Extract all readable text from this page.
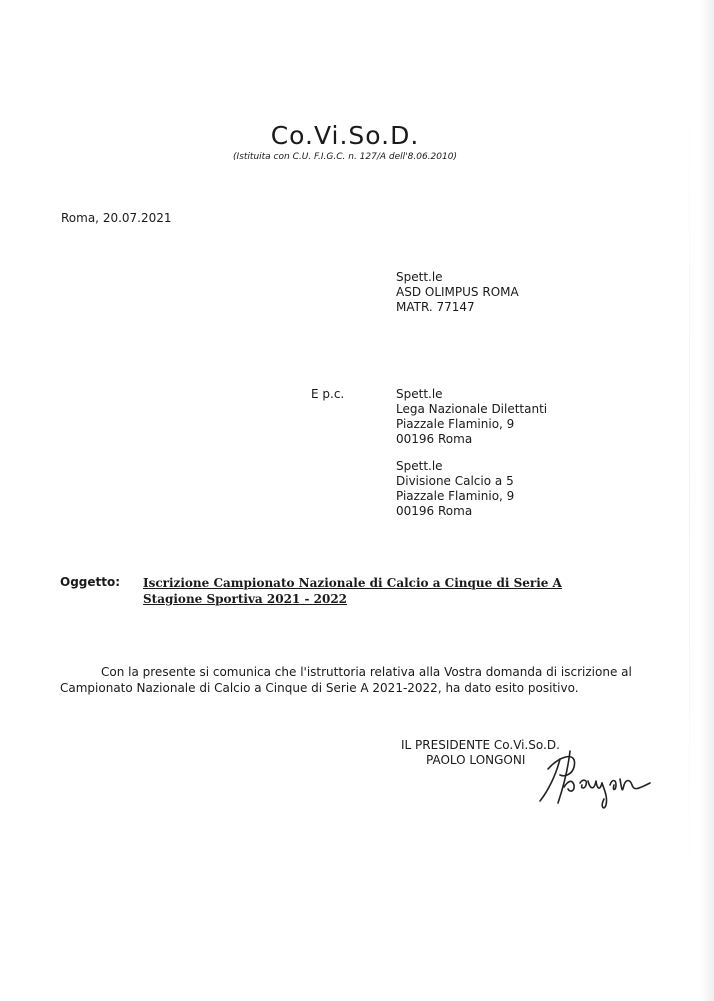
Co.Vi.So.D.
(Istituita con C.U. F.I.G.C. n. 127/A dell'8.06.2010)
Roma, 20.07.2021
Spett.le
ASD OLIMPUS ROMA
MATR. 77147
E p.c.	Spett.le
Lega Nazionale Dilettanti
Piazzale Flaminio, 9
00196 Roma
Spett.le
Divisione Calcio a 5
Piazzale Flaminio, 9
00196 Roma
Oggetto: Iscrizione Campionato Nazionale di Calcio a Cinque di Serie A
Stagione Sportiva 2021 - 2022
Con la presente si comunica che l'istruttoria relativa alla Vostra domanda di iscrizione al
Campionato Nazionale di Calcio a Cinque di Serie A 2021-2022, ha dato esito positivo.
IL PRESIDENTE Co.Vi.So.D.
PAOLO LONGONI
